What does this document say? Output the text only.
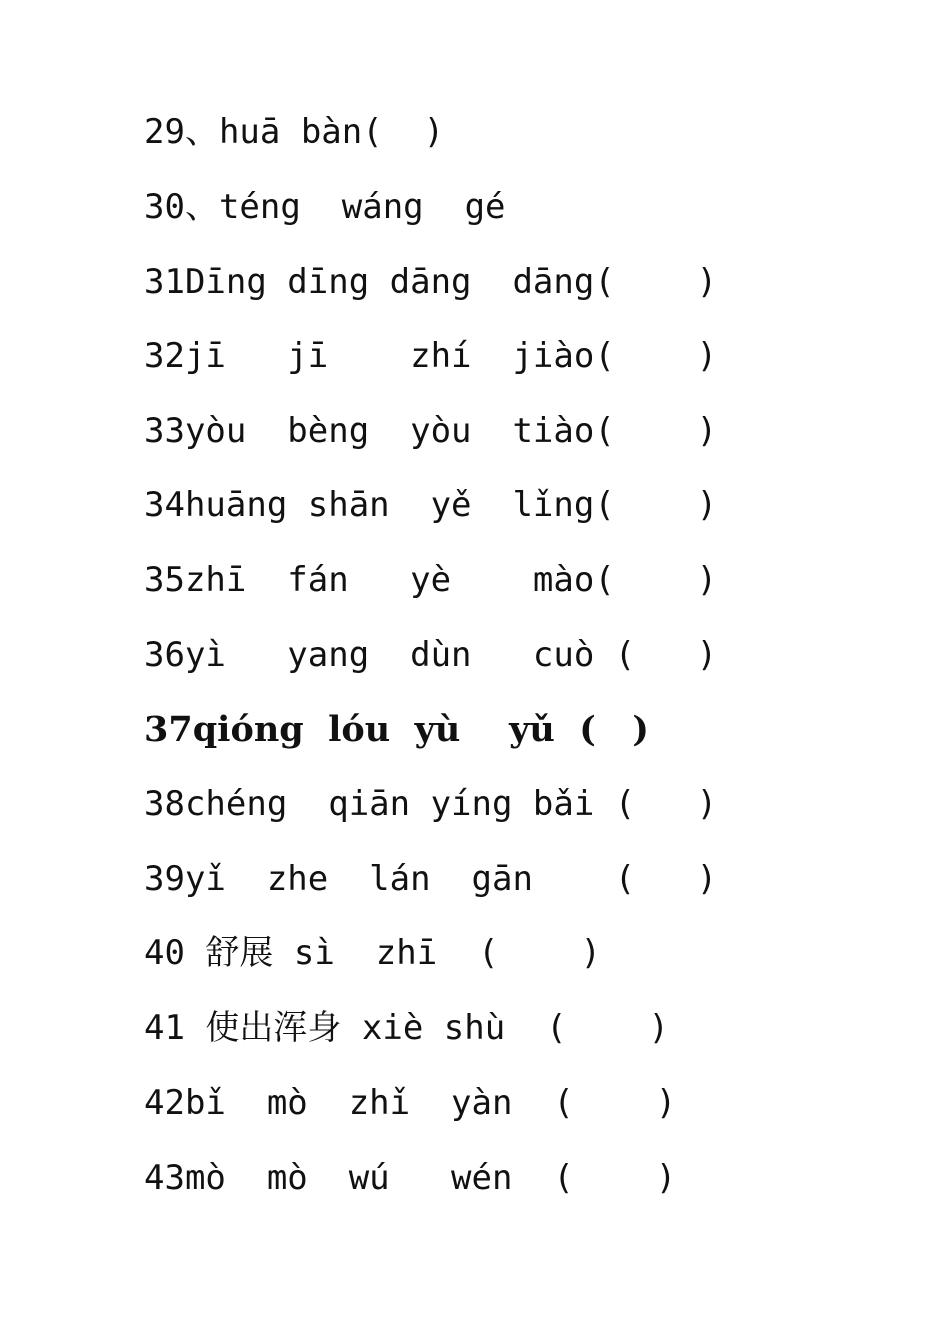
29、huā bàn(  )
30、téng  wáng  gé
31Dīng dīng dāng  dāng(    )
32jī   jī    zhí  jiào(    )
33yòu  bèng  yòu  tiào(    )
34huāng shān  yě  lǐng(    )
35zhī  fán   yè    mào(    )
36yì   yang  dùn   cuò (   )
37qióng  lóu  yù    yǔ  (   )
38chéng  qiān yíng bǎi (   )
39yǐ  zhe  lán  gān    (   )
40 舒展 sì  zhī  (    )
41 使出浑身 xiè shù  (    )
42bǐ  mò  zhǐ  yàn  (    )
43mò  mò  wú   wén  (    )
